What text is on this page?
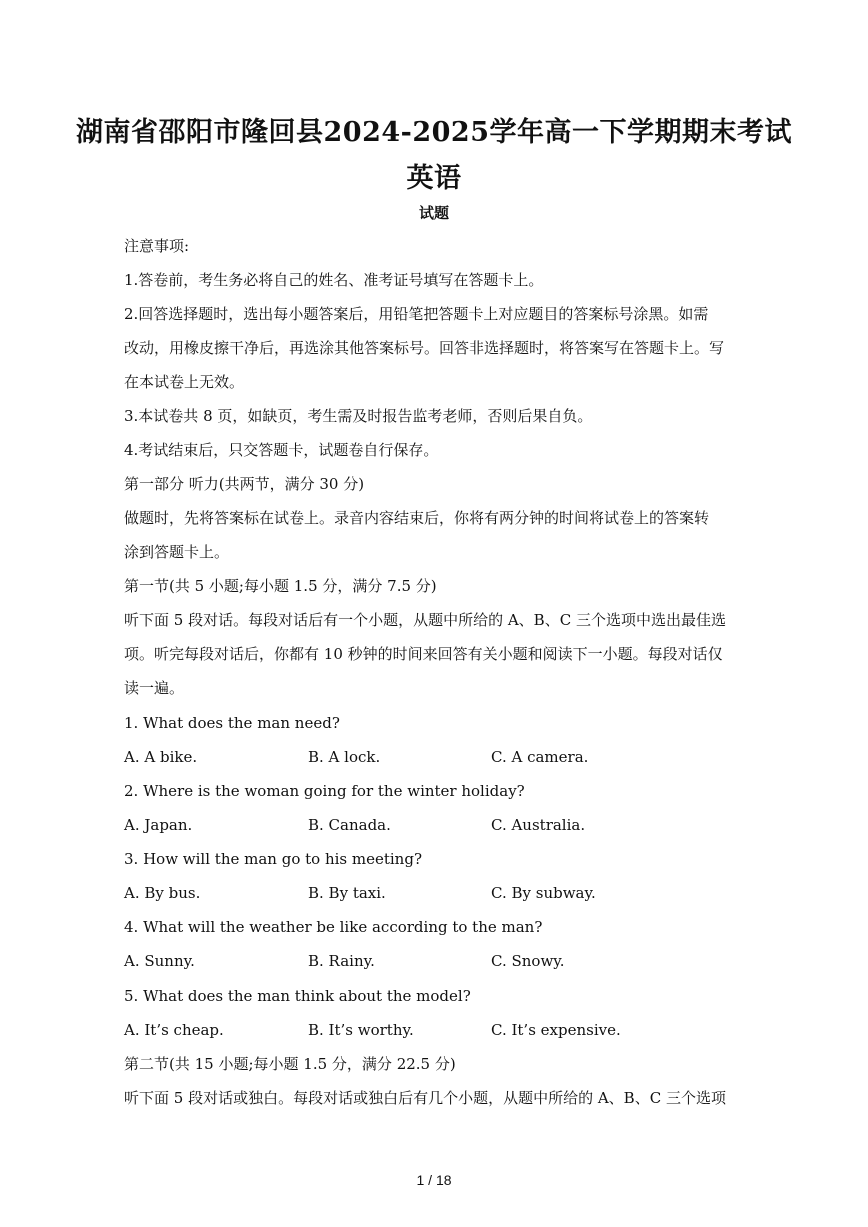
湖南省邵阳市隆回县2024-2025学年高一下学期期末考试
英语
试题
注意事项:
1.答卷前，考生务必将自己的姓名、准考证号填写在答题卡上。
2.回答选择题时，选出每小题答案后，用铅笔把答题卡上对应题目的答案标号涂黑。如需
改动，用橡皮擦干净后，再选涂其他答案标号。回答非选择题时，将答案写在答题卡上。写
在本试卷上无效。
3.本试卷共 8 页，如缺页，考生需及时报告监考老师，否则后果自负。
4.考试结束后，只交答题卡，试题卷自行保存。
第一部分 听力(共两节，满分 30 分)
做题时，先将答案标在试卷上。录音内容结束后，你将有两分钟的时间将试卷上的答案转
涂到答题卡上。
第一节(共 5 小题;每小题 1.5 分，满分 7.5 分)
听下面 5 段对话。每段对话后有一个小题，从题中所给的 A、B、C 三个选项中选出最佳选
项。听完每段对话后，你都有 10 秒钟的时间来回答有关小题和阅读下一小题。每段对话仅
读一遍。
1. What does the man need?
A. A bike.	B. A lock.	C. A camera.
2. Where is the woman going for the winter holiday?
A. Japan.	B. Canada.	C. Australia.
3. How will the man go to his meeting?
A. By bus.	B. By taxi.	C. By subway.
4. What will the weather be like according to the man?
A. Sunny.	B. Rainy.	C. Snowy.
5. What does the man think about the model?
A. It’s cheap.	B. It’s worthy.	C. It’s expensive.
第二节(共 15 小题;每小题 1.5 分，满分 22.5 分)
听下面 5 段对话或独白。每段对话或独白后有几个小题，从题中所给的 A、B、C 三个选项
1 / 18
